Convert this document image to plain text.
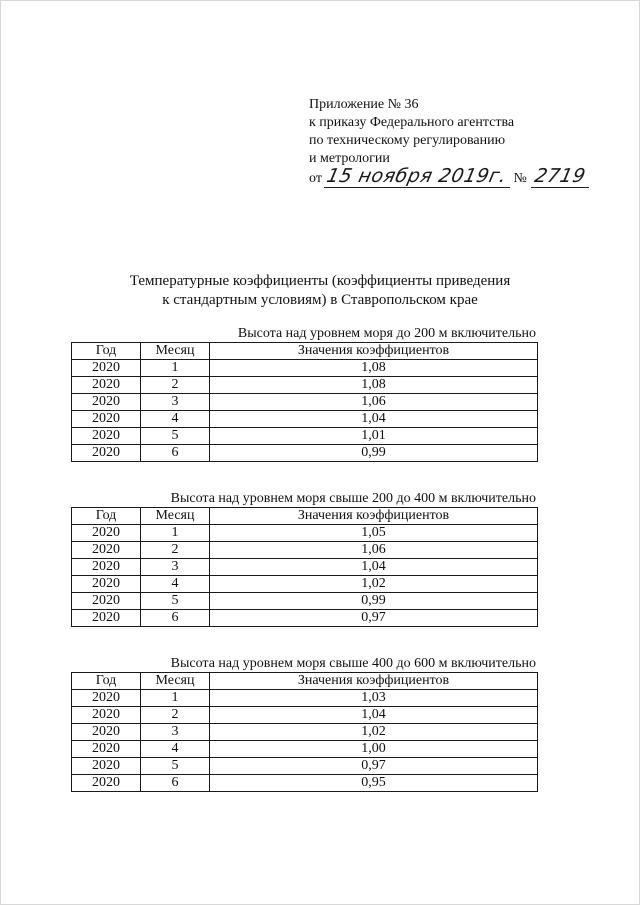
Приложение № 36
к приказу Федерального агентства
по техническому регулированию
и метрологии
от 15 ноября 2019г. № 2719
Температурные коэффициенты (коэффициенты приведения
к стандартным условиям) в Ставропольском крае
Высота над уровнем моря до 200 м включительно
Год	Месяц	Значения коэффициентов
2020	1	1,08
2020	2	1,08
2020	3	1,06
2020	4	1,04
2020	5	1,01
2020	6	0,99
Высота над уровнем моря свыше 200 до 400 м включительно
Год	Месяц	Значения коэффициентов
2020	1	1,05
2020	2	1,06
2020	3	1,04
2020	4	1,02
2020	5	0,99
2020	6	0,97
Высота над уровнем моря свыше 400 до 600 м включительно
Год	Месяц	Значения коэффициентов
2020	1	1,03
2020	2	1,04
2020	3	1,02
2020	4	1,00
2020	5	0,97
2020	6	0,95
